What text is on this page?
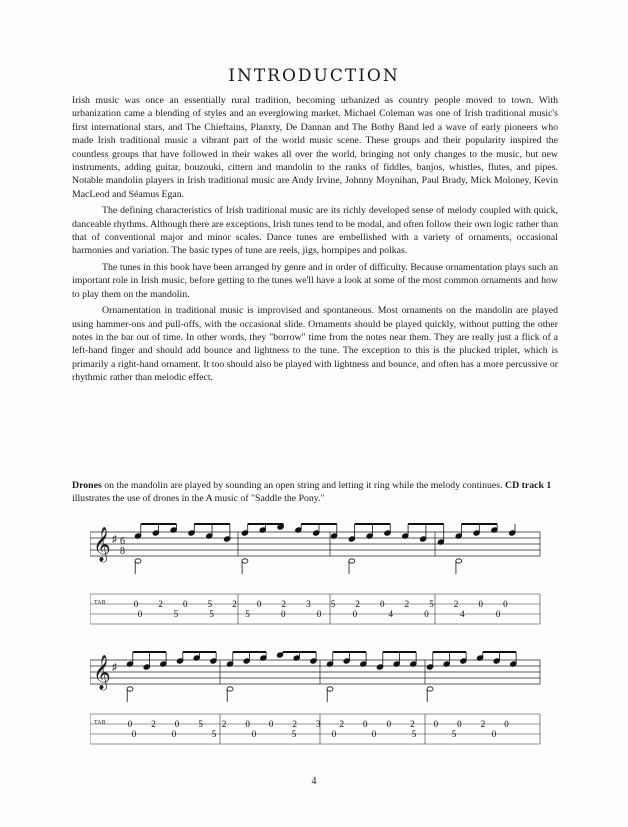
INTRODUCTION

Irish music was once an essentially rural tradition, becoming urbanized as country people moved to town. With urbanization came a blending of styles and an everglowing market. Michael Coleman was one of Irish traditional music's first international stars, and The Chieftains, Planxty, De Dannan and The Bothy Band led a wave of early pioneers who made Irish traditional music a vibrant part of the world music scene. These groups and their popularity inspired the countless groups that have followed in their wakes all over the world, bringing not only changes to the music, but new instruments, adding guitar, bouzouki, cittern and mandolin to the ranks of fiddles, banjos, whistles, flutes, and pipes. Notable mandolin players in Irish traditional music are Andy Irvine, Johnny Moynihan, Paul Brady, Mick Moloney, Kevin MacLeod and Séamus Egan.

The defining characteristics of Irish traditional music are its richly developed sense of melody coupled with quick, danceable rhythms. Although there are exceptions, Irish tunes tend to be modal, and often follow their own logic rather than that of conventional major and minor scales. Dance tunes are embellished with a variety of ornaments, occasional harmonies and variation. The basic types of tune are reels, jigs, hornpipes and polkas.

The tunes in this book have been arranged by genre and in order of difficulty. Because ornamentation plays such an important role in Irish music, before getting to the tunes we'll have a look at some of the most common ornaments and how to play them on the mandolin.

Ornamentation in traditional music is improvised and spontaneous. Most ornaments on the mandolin are played using hammer-ons and pull-offs, with the occasional slide. Ornaments should be played quickly, without putting the other notes in the bar out of time. In other words, they "borrow" time from the notes near them. They are really just a flick of a left-hand finger and should add bounce and lightness to the tune. The exception to this is the plucked triplet, which is primarily a right-hand ornament. It too should also be played with lightness and bounce, and often has a more percussive or rhythmic rather than melodic effect.

Drones on the mandolin are played by sounding an open string and letting it ring while the melody continues. CD track 1 illustrates the use of drones in the A music of "Saddle the Pony."
𝄞 ♯ 6
8
TAB	0 2 0 5 2 0 2 3 5 2 0 2 5 2 0 0
0	5	5	5	0	0	0	4	0	4	0
𝄞 ♯
TAB 0 2 0 5 2 0 0 2 3 2 0 0 2 0 0 2 0
0	0	5	0	5	0	0	5	5	0
4
